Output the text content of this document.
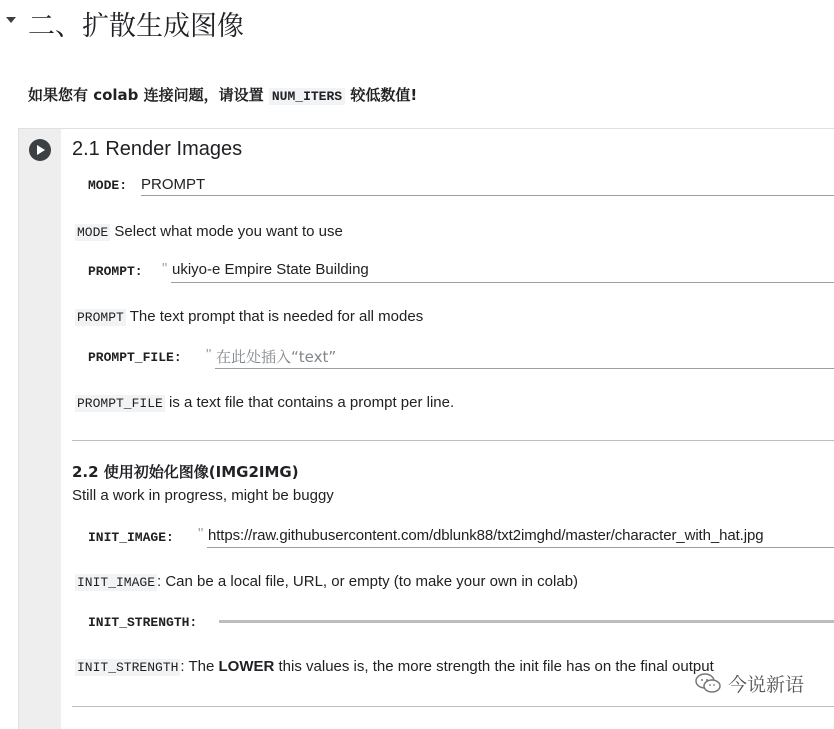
二、扩散生成图像
如果您有 colab 连接问题，请设置 NUM_ITERS 较低数值!
2.1 Render Images
MODE: PROMPT
MODE Select what mode you want to use
PROMPT: " ukiyo-e Empire State Building
PROMPT The text prompt that is needed for all modes
PROMPT_FILE: " 在此处插入“text”
PROMPT_FILE is a text file that contains a prompt per line.
2.2 使用初始化图像(IMG2IMG)
Still a work in progress, might be buggy
INIT_IMAGE: " https://raw.githubusercontent.com/dblunk88/txt2imghd/master/character_with_hat.jpg
INIT_IMAGE : Can be a local file, URL, or empty (to make your own in colab)
INIT_STRENGTH:
INIT_STRENGTH : The LOWER this values is, the more strength the init file has on the final output
今说新语
